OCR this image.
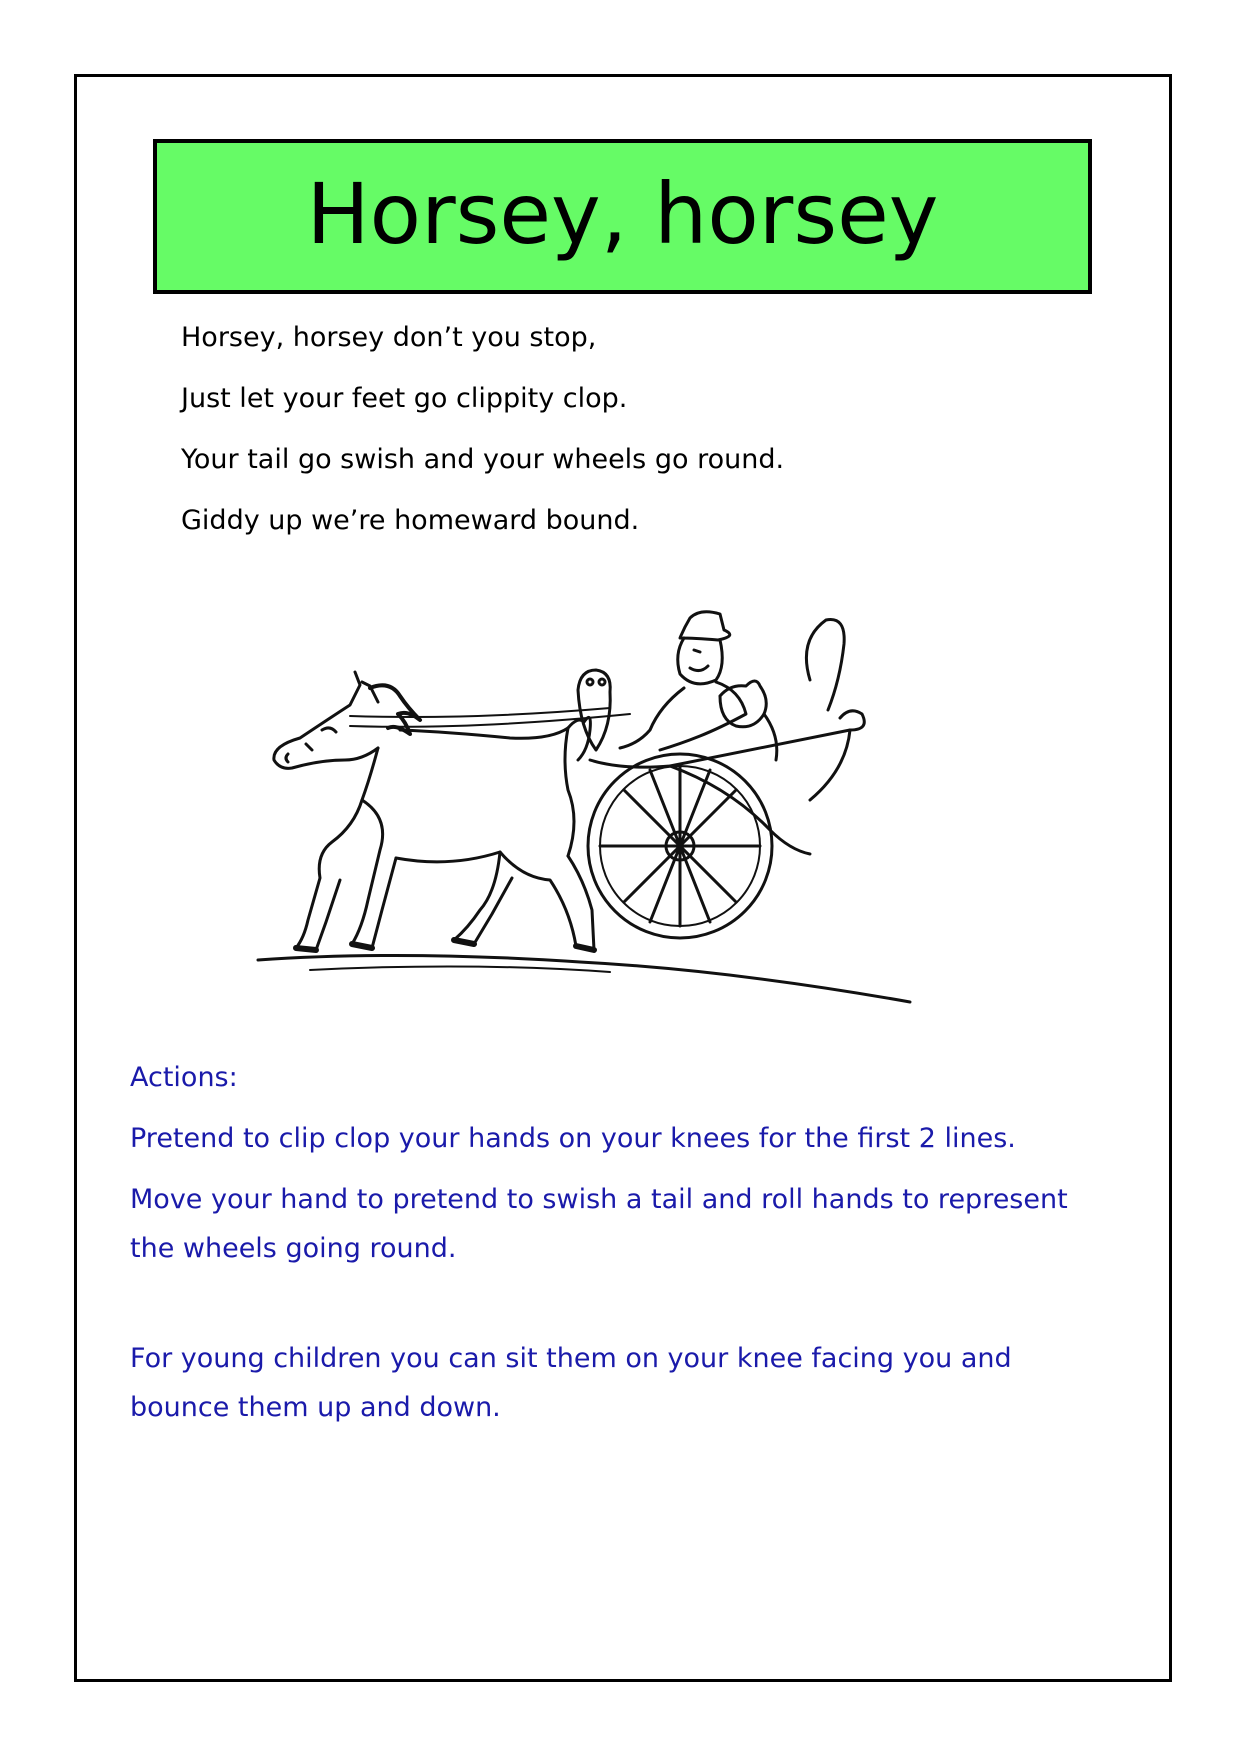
Horsey, horsey
Horsey, horsey don’t you stop,
Just let your feet go clippity clop.
Your tail go swish and your wheels go round.
Giddy up we’re homeward bound.

Actions:

Pretend to clip clop your hands on your knees for the first 2 lines.

Move your hand to pretend to swish a tail and roll hands to represent the wheels going round.

For young children you can sit them on your knee facing you and bounce them up and down.
